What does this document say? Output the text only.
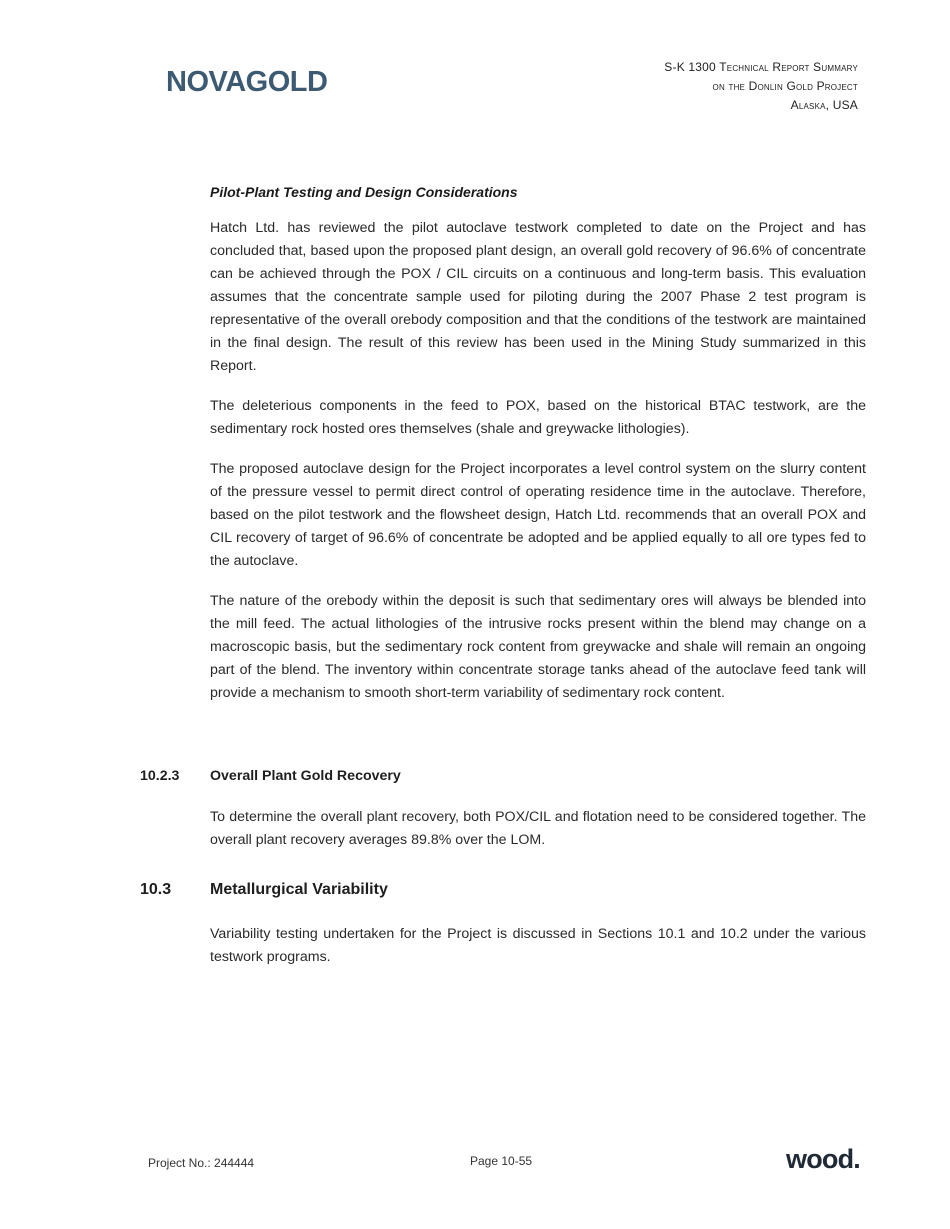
NOVAGOLD	S-K 1300 Technical Report Summary
on the Donlin Gold Project
Alaska, USA
Pilot-Plant Testing and Design Considerations

Hatch Ltd. has reviewed the pilot autoclave testwork completed to date on the Project and has concluded that, based upon the proposed plant design, an overall gold recovery of 96.6% of concentrate can be achieved through the POX / CIL circuits on a continuous and long-term basis. This evaluation assumes that the concentrate sample used for piloting during the 2007 Phase 2 test program is representative of the overall orebody composition and that the conditions of the testwork are maintained in the final design. The result of this review has been used in the Mining Study summarized in this Report.

The deleterious components in the feed to POX, based on the historical BTAC testwork, are the sedimentary rock hosted ores themselves (shale and greywacke lithologies).

The proposed autoclave design for the Project incorporates a level control system on the slurry content of the pressure vessel to permit direct control of operating residence time in the autoclave. Therefore, based on the pilot testwork and the flowsheet design, Hatch Ltd. recommends that an overall POX and CIL recovery of target of 96.6% of concentrate be adopted and be applied equally to all ore types fed to the autoclave.

The nature of the orebody within the deposit is such that sedimentary ores will always be blended into the mill feed. The actual lithologies of the intrusive rocks present within the blend may change on a macroscopic basis, but the sedimentary rock content from greywacke and shale will remain an ongoing part of the blend. The inventory within concentrate storage tanks ahead of the autoclave feed tank will provide a mechanism to smooth short-term variability of sedimentary rock content.

10.2.3 Overall Plant Gold Recovery

To determine the overall plant recovery, both POX/CIL and flotation need to be considered together. The overall plant recovery averages 89.8% over the LOM.

10.3 Metallurgical Variability

Variability testing undertaken for the Project is discussed in Sections 10.1 and 10.2 under the various testwork programs.

Project No.: 244444	Page 10-55	wood.
